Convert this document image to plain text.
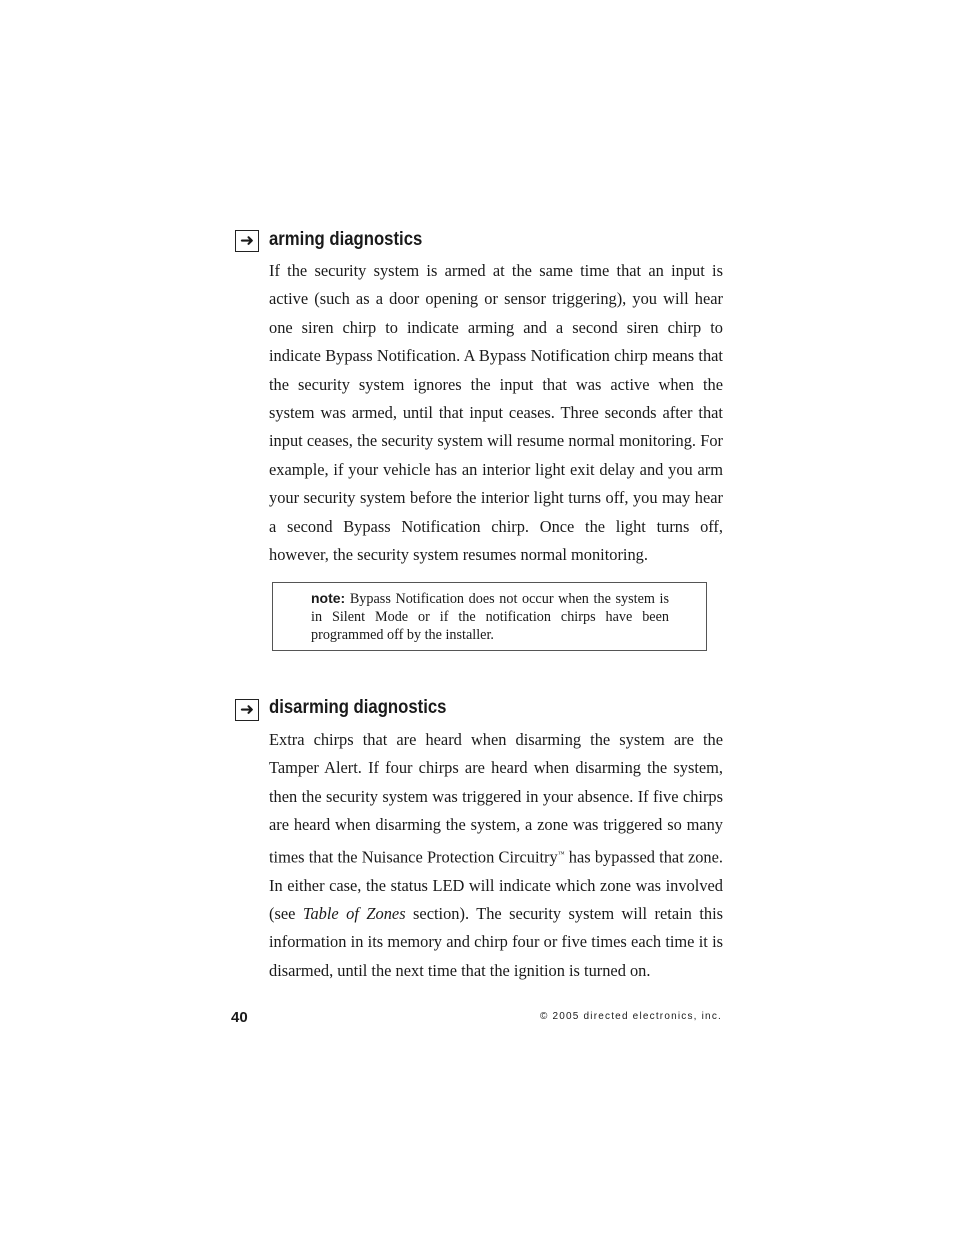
➜ arming diagnostics

If the security system is armed at the same time that an input is active (such as a door opening or sensor triggering), you will hear one siren chirp to indicate arming and a second siren chirp to indicate Bypass Notification. A Bypass Notification chirp means that the security system ignores the input that was active when the system was armed, until that input ceases. Three seconds after that input ceases, the security system will resume normal monitoring. For example, if your vehicle has an interior light exit delay and you arm your security system before the interior light turns off, you may hear a second Bypass Notification chirp. Once the light turns off, however, the security system resumes normal monitoring.

note: Bypass Notification does not occur when the system is in Silent Mode or if the notification chirps have been programmed off by the installer.

➜ disarming diagnostics

Extra chirps that are heard when disarming the system are the Tamper Alert. If four chirps are heard when disarming the system, then the security system was triggered in your absence. If five chirps are heard when disarming the system, a zone was triggered so many times that the Nuisance Protection Circuitry™ has bypassed that zone. In either case, the status LED will indicate which zone was involved (see Table of Zones section). The security system will retain this information in its memory and chirp four or five times each time it is disarmed, until the next time that the ignition is turned on.

40	© 2005 directed electronics, inc.
